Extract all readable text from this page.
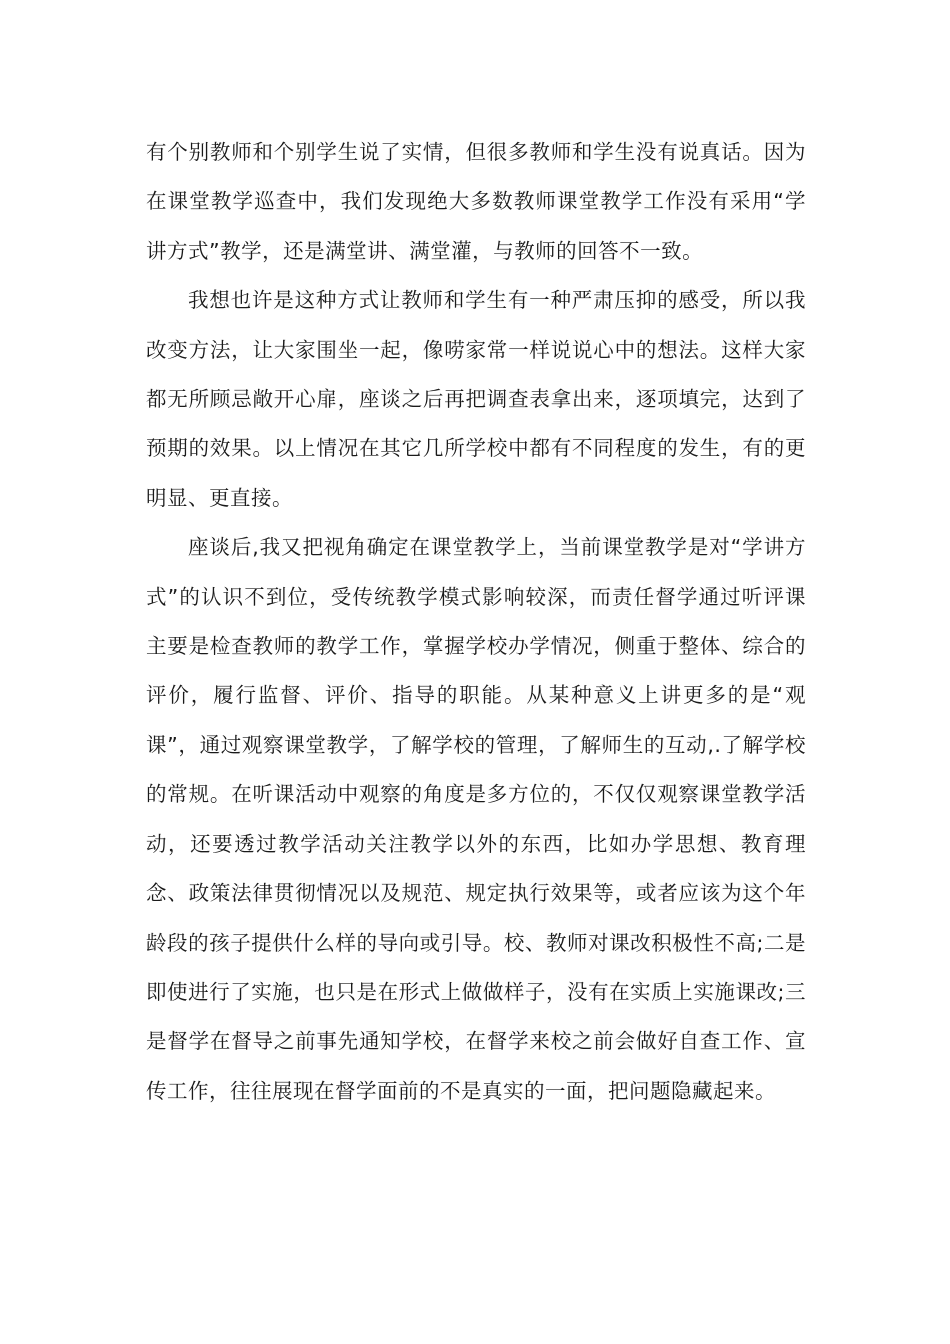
有个别教师和个别学生说了实情，但很多教师和学生没有说真话。因为在课堂教学巡查中，我们发现绝大多数教师课堂教学工作没有采用“学讲方式”教学，还是满堂讲、满堂灌，与教师的回答不一致。

我想也许是这种方式让教师和学生有一种严肃压抑的感受，所以我改变方法，让大家围坐一起，像唠家常一样说说心中的想法。这样大家都无所顾忌敞开心扉，座谈之后再把调查表拿出来，逐项填完，达到了预期的效果。以上情况在其它几所学校中都有不同程度的发生，有的更明显、更直接。

座谈后,我又把视角确定在课堂教学上，当前课堂教学是对“学讲方式”的认识不到位，受传统教学模式影响较深，而责任督学通过听评课主要是检查教师的教学工作，掌握学校办学情况，侧重于整体、综合的评价，履行监督、评价、指导的职能。从某种意义上讲更多的是“观课”，通过观察课堂教学，了解学校的管理，了解师生的互动,.了解学校的常规。在听课活动中观察的角度是多方位的，不仅仅观察课堂教学活动，还要透过教学活动关注教学以外的东西，比如办学思想、教育理念、政策法律贯彻情况以及规范、规定执行效果等，或者应该为这个年龄段的孩子提供什么样的导向或引导。校、教师对课改积极性不高;二是即使进行了实施，也只是在形式上做做样子，没有在实质上实施课改;三是督学在督导之前事先通知学校，在督学来校之前会做好自查工作、宣传工作，往往展现在督学面前的不是真实的一面，把问题隐藏起来。
